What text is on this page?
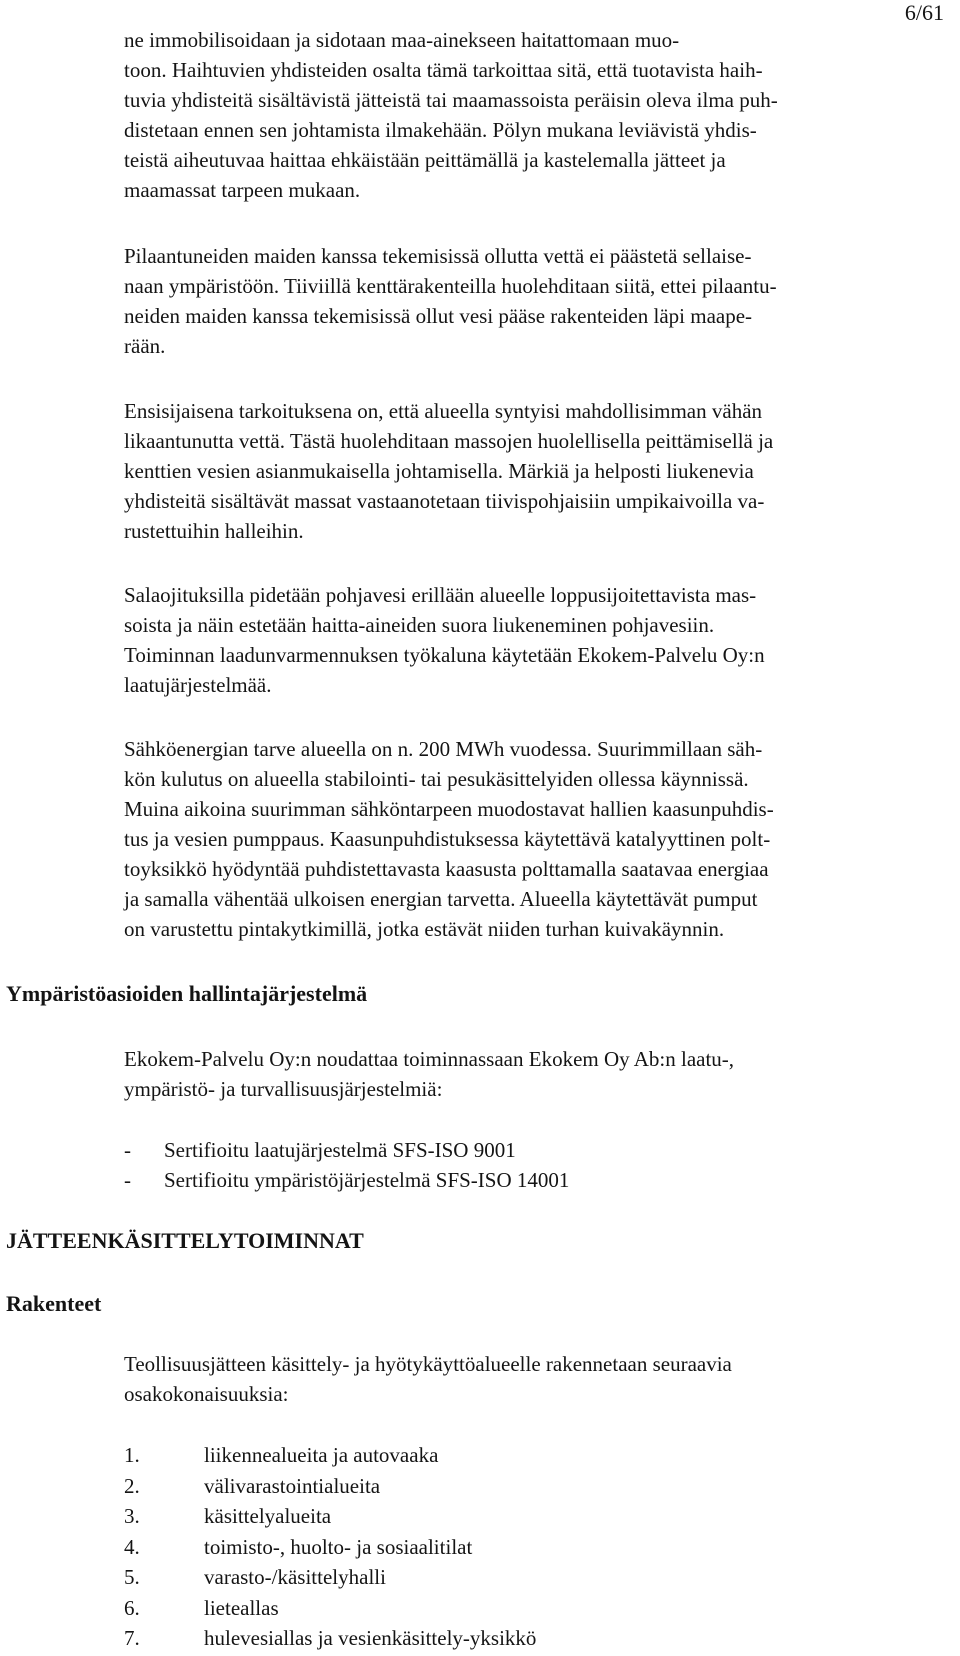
6/61
ne immobilisoidaan ja sidotaan maa-ainekseen haitattomaan muo-
toon. Haihtuvien yhdisteiden osalta tämä tarkoittaa sitä, että tuotavista haih-
tuvia yhdisteitä sisältävistä jätteistä tai maamassoista peräisin oleva ilma puh-
distetaan ennen sen johtamista ilmakehään. Pölyn mukana leviävistä yhdis-
teistä aiheutuvaa haittaa ehkäistään peittämällä ja kastelemalla jätteet ja
maamassat tarpeen mukaan.
Pilaantuneiden maiden kanssa tekemisissä ollutta vettä ei päästetä sellaise-
naan ympäristöön. Tiiviillä kenttärakenteilla huolehditaan siitä, ettei pilaantu-
neiden maiden kanssa tekemisissä ollut vesi pääse rakenteiden läpi maape-
rään.
Ensisijaisena tarkoituksena on, että alueella syntyisi mahdollisimman vähän
likaantunutta vettä. Tästä huolehditaan massojen huolellisella peittämisellä ja
kenttien vesien asianmukaisella johtamisella. Märkiä ja helposti liukenevia
yhdisteitä sisältävät massat vastaanotetaan tiivispohjaisiin umpikaivoilla va-
rustettuihin halleihin.
Salaojituksilla pidetään pohjavesi erillään alueelle loppusijoitettavista mas-
soista ja näin estetään haitta-aineiden suora liukeneminen pohjavesiin.
Toiminnan laadunvarmennuksen työkaluna käytetään Ekokem-Palvelu Oy:n
laatujärjestelmää.
Sähköenergian tarve alueella on n. 200 MWh vuodessa. Suurimmillaan säh-
kön kulutus on alueella stabilointi- tai pesukäsittelyiden ollessa käynnissä.
Muina aikoina suurimman sähköntarpeen muodostavat hallien kaasunpuhdis-
tus ja vesien pumppaus. Kaasunpuhdistuksessa käytettävä katalyyttinen polt-
toyksikkö hyödyntää puhdistettavasta kaasusta polttamalla saatavaa energiaa
ja samalla vähentää ulkoisen energian tarvetta. Alueella käytettävät pumput
on varustettu pintakytkimillä, jotka estävät niiden turhan kuivakäynnin.
Ympäristöasioiden hallintajärjestelmä
Ekokem-Palvelu Oy:n noudattaa toiminnassaan Ekokem Oy Ab:n laatu-,
ympäristö- ja turvallisuusjärjestelmiä:
- Sertifioitu laatujärjestelmä SFS-ISO 9001
- Sertifioitu ympäristöjärjestelmä SFS-ISO 14001
JÄTTEENKÄSITTELYTOIMINNAT
Rakenteet
Teollisuusjätteen käsittely- ja hyötykäyttöalueelle rakennetaan seuraavia
osakokonaisuuksia:
1.	liikennealueita ja autovaaka
2.	välivarastointialueita
3.	käsittelyalueita
4.	toimisto-, huolto- ja sosiaalitilat
5.	varasto-/käsittelyhalli
6.	lieteallas
7.	hulevesiallas ja vesienkäsittely-yksikkö
